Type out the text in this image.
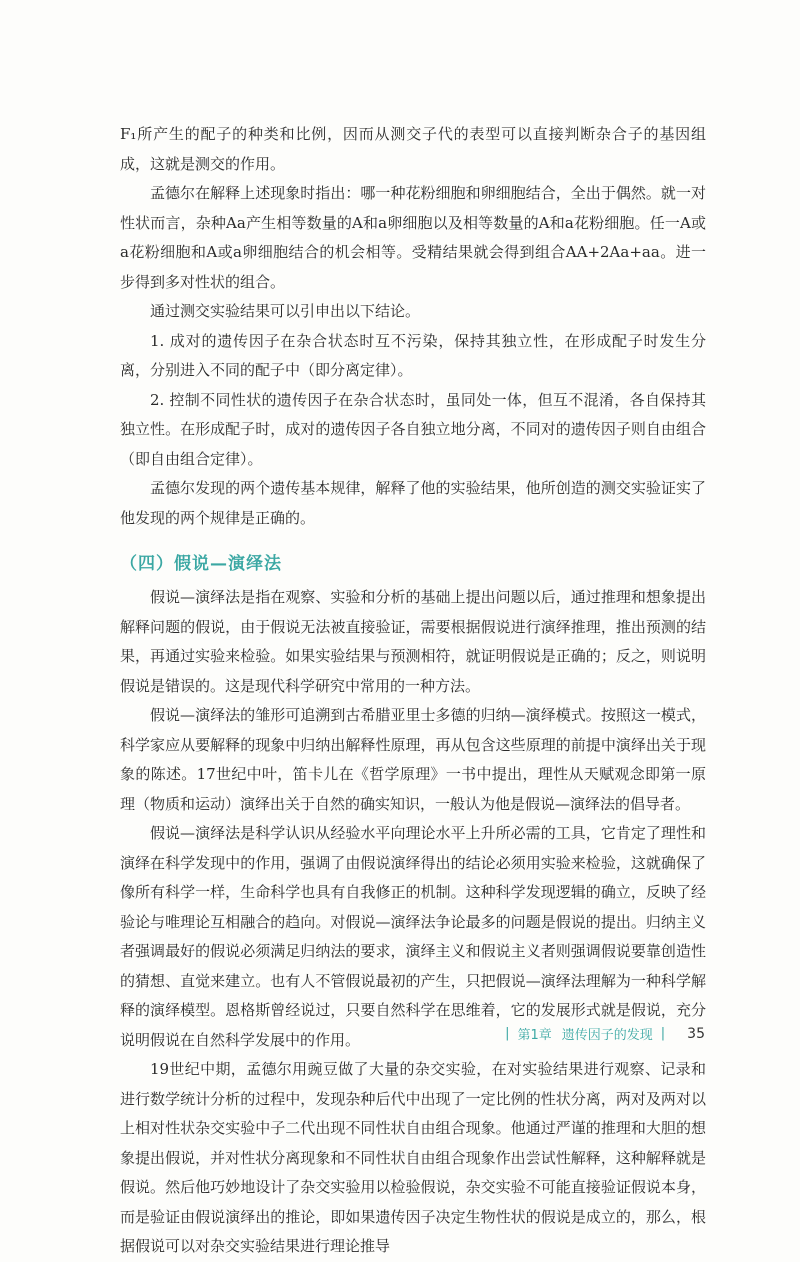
F₁所产生的配子的种类和比例，因而从测交子代的表型可以直接判断杂合子的基因组成，这就是测交的作用。

孟德尔在解释上述现象时指出：哪一种花粉细胞和卵细胞结合，全出于偶然。就一对性状而言，杂种Aa产生相等数量的A和a卵细胞以及相等数量的A和a花粉细胞。任一A或a花粉细胞和A或a卵细胞结合的机会相等。受精结果就会得到组合AA+2Aa+aa。进一步得到多对性状的组合。

通过测交实验结果可以引申出以下结论。

1. 成对的遗传因子在杂合状态时互不污染，保持其独立性，在形成配子时发生分离，分别进入不同的配子中（即分离定律）。

2. 控制不同性状的遗传因子在杂合状态时，虽同处一体，但互不混淆，各自保持其独立性。在形成配子时，成对的遗传因子各自独立地分离，不同对的遗传因子则自由组合（即自由组合定律）。

孟德尔发现的两个遗传基本规律，解释了他的实验结果，他所创造的测交实验证实了他发现的两个规律是正确的。

（四）假说—演绎法

假说—演绎法是指在观察、实验和分析的基础上提出问题以后，通过推理和想象提出解释问题的假说，由于假说无法被直接验证，需要根据假说进行演绎推理，推出预测的结果，再通过实验来检验。如果实验结果与预测相符，就证明假说是正确的；反之，则说明假说是错误的。这是现代科学研究中常用的一种方法。

假说—演绎法的雏形可追溯到古希腊亚里士多德的归纳—演绎模式。按照这一模式，科学家应从要解释的现象中归纳出解释性原理，再从包含这些原理的前提中演绎出关于现象的陈述。17世纪中叶，笛卡儿在《哲学原理》一书中提出，理性从天赋观念即第一原理（物质和运动）演绎出关于自然的确实知识，一般认为他是假说—演绎法的倡导者。

假说—演绎法是科学认识从经验水平向理论水平上升所必需的工具，它肯定了理性和演绎在科学发现中的作用，强调了由假说演绎得出的结论必须用实验来检验，这就确保了像所有科学一样，生命科学也具有自我修正的机制。这种科学发现逻辑的确立，反映了经验论与唯理论互相融合的趋向。对假说—演绎法争论最多的问题是假说的提出。归纳主义者强调最好的假说必须满足归纳法的要求，演绎主义和假说主义者则强调假说要靠创造性的猜想、直觉来建立。也有人不管假说最初的产生，只把假说—演绎法理解为一种科学解释的演绎模型。恩格斯曾经说过，只要自然科学在思维着，它的发展形式就是假说，充分说明假说在自然科学发展中的作用。

19世纪中期，孟德尔用豌豆做了大量的杂交实验，在对实验结果进行观察、记录和进行数学统计分析的过程中，发现杂种后代中出现了一定比例的性状分离，两对及两对以上相对性状杂交实验中子二代出现不同性状自由组合现象。他通过严谨的推理和大胆的想象提出假说，并对性状分离现象和不同性状自由组合现象作出尝试性解释，这种解释就是假说。然后他巧妙地设计了杂交实验用以检验假说，杂交实验不可能直接验证假说本身，而是验证由假说演绎出的推论，即如果遗传因子决定生物性状的假说是成立的，那么，根据假说可以对杂交实验结果进行理论推导

| 第1章 遗传因子的发现 | 35
